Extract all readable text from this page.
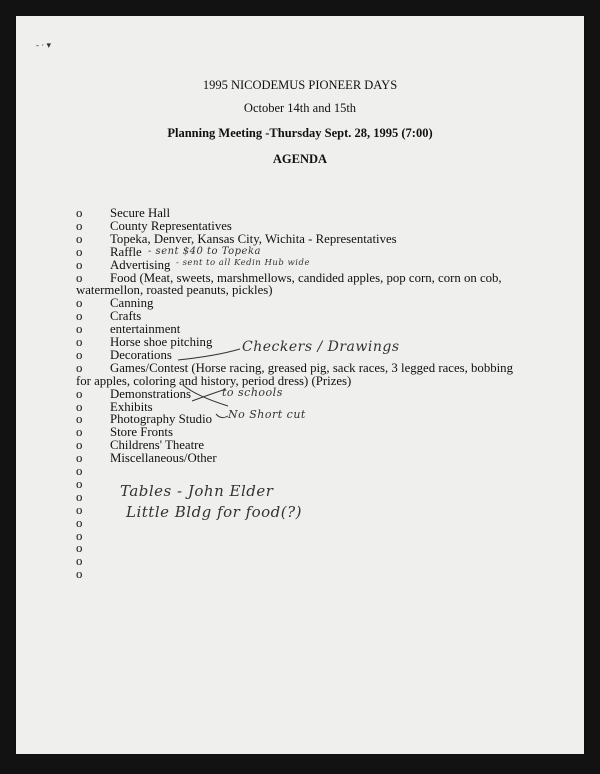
- · ▾
1995 NICODEMUS PIONEER DAYS
October 14th and 15th
Planning Meeting -Thursday Sept. 28, 1995 (7:00)
AGENDA
o Secure Hall
o County Representatives
o Topeka, Denver, Kansas City, Wichita - Representatives
o Raffle
o Advertising
o Food (Meat, sweets, marshmellows, candided apples, pop corn, corn on cob,
watermellon, roasted peanuts, pickles)
o Canning
o Crafts
o entertainment
o Horse shoe pitching
o Decorations
o Games/Contest (Horse racing, greased pig, sack races, 3 legged races, bobbing
for apples, coloring and history, period dress) (Prizes)
o Demonstrations
o Exhibits
o Photography Studio
o Store Fronts
o Childrens' Theatre
o Miscellaneous/Other
o
o
o
o
o
o
o
o
o
- sent $40 to Topeka
- sent to all Kedin Hub wide
Checkers / Drawings
to schools
No Short cut
Tables - John Elder
Little Bldg for food(?)
